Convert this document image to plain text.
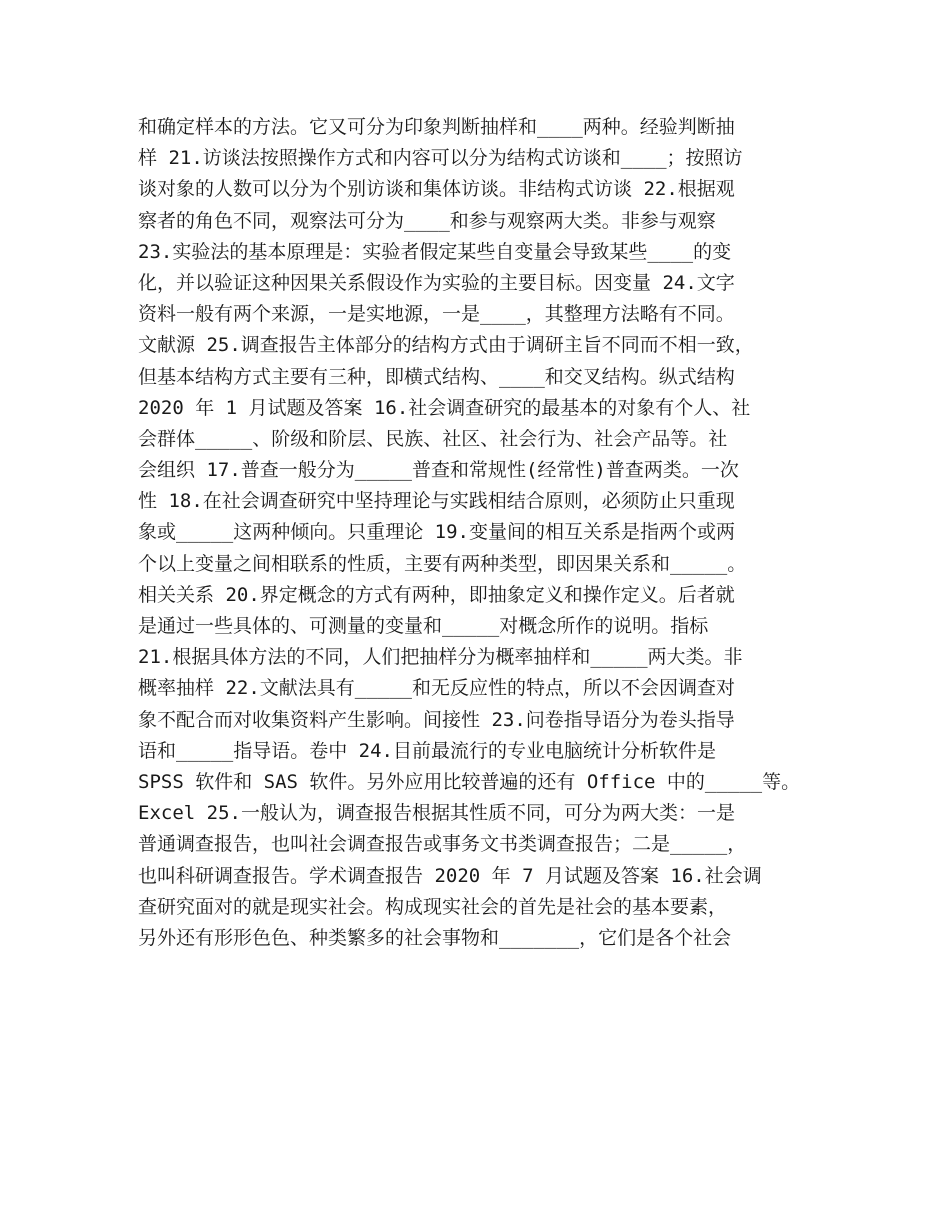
和确定样本的方法。它又可分为印象判断抽样和____两种。经验判断抽
样 21.访谈法按照操作方式和内容可以分为结构式访谈和____；按照访
谈对象的人数可以分为个别访谈和集体访谈。非结构式访谈 22.根据观
察者的角色不同，观察法可分为____和参与观察两大类。非参与观察
23.实验法的基本原理是：实验者假定某些自变量会导致某些____的变
化，并以验证这种因果关系假设作为实验的主要目标。因变量 24.文字
资料一般有两个来源，一是实地源，一是____，其整理方法略有不同。
文献源 25.调查报告主体部分的结构方式由于调研主旨不同而不相一致，
但基本结构方式主要有三种，即横式结构、____和交叉结构。纵式结构
2020 年 1 月试题及答案 16.社会调查研究的最基本的对象有个人、社
会群体_____、阶级和阶层、民族、社区、社会行为、社会产品等。社
会组织 17.普查一般分为_____普查和常规性(经常性)普查两类。一次
性 18.在社会调查研究中坚持理论与实践相结合原则，必须防止只重现
象或_____这两种倾向。只重理论 19.变量间的相互关系是指两个或两
个以上变量之间相联系的性质，主要有两种类型，即因果关系和_____。
相关关系 20.界定概念的方式有两种，即抽象定义和操作定义。后者就
是通过一些具体的、可测量的变量和_____对概念所作的说明。指标
21.根据具体方法的不同，人们把抽样分为概率抽样和_____两大类。非
概率抽样 22.文献法具有_____和无反应性的特点，所以不会因调查对
象不配合而对收集资料产生影响。间接性 23.问卷指导语分为卷头指导
语和_____指导语。卷中 24.目前最流行的专业电脑统计分析软件是
SPSS 软件和 SAS 软件。另外应用比较普遍的还有 Office 中的_____等。
Excel 25.一般认为，调查报告根据其性质不同，可分为两大类：一是
普通调查报告，也叫社会调查报告或事务文书类调查报告；二是_____，
也叫科研调查报告。学术调查报告 2020 年 7 月试题及答案 16.社会调
查研究面对的就是现实社会。构成现实社会的首先是社会的基本要素，
另外还有形形色色、种类繁多的社会事物和_______，它们是各个社会
